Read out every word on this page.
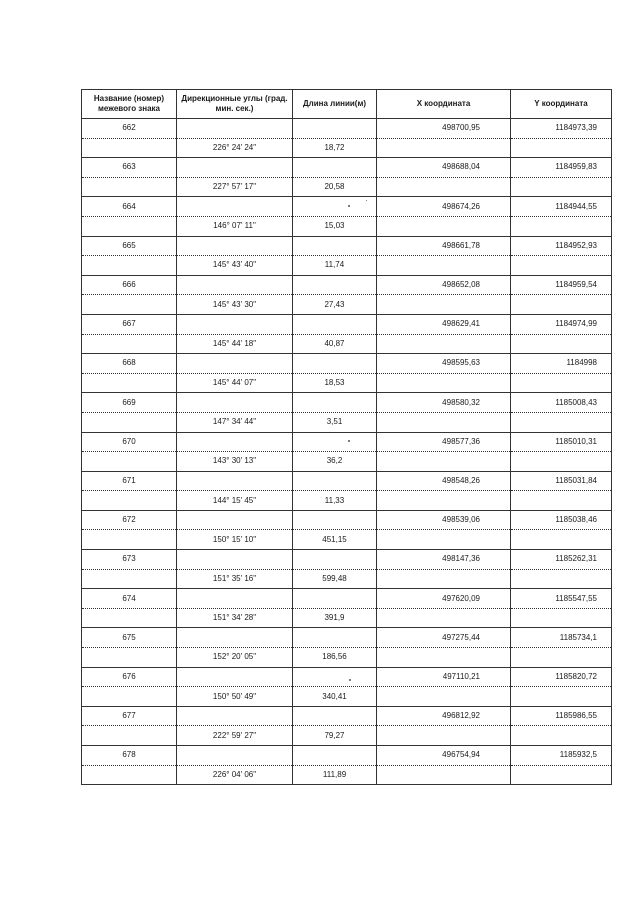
Название (номер) межевого знака	Дирекционные углы (град. мин. сек.)	Длина линии(м)	X координата	Y координата
662			498700,95	1184973,39
	226° 24' 24"	18,72		
663			498688,04	1184959,83
	227° 57' 17"	20,58		
664			498674,26	1184944,55
	146° 07' 11"	15,03		
665			498661,78	1184952,93
	145° 43' 40"	11,74		
666			498652,08	1184959,54
	145° 43' 30"	27,43		
667			498629,41	1184974,99
	145° 44' 18"	40,87		
668			498595,63	1184998
	145° 44' 07"	18,53		
669			498580,32	1185008,43
	147° 34' 44"	3,51		
670			498577,36	1185010,31
	143° 30' 13"	36,2		
671			498548,26	1185031,84
	144° 15' 45"	11,33		
672			498539,06	1185038,46
	150° 15' 10"	451,15		
673			498147,36	1185262,31
	151° 35' 16"	599,48		
674			497620,09	1185547,55
	151° 34' 28"	391,9		
675			497275,44	1185734,1
	152° 20' 05"	186,56		
676			497110,21	1185820,72
	150° 50' 49"	340,41		
677			496812,92	1185986,55
	222° 59' 27"	79,27		
678			496754,94	1185932,5
	226° 04' 06"	111,89		
